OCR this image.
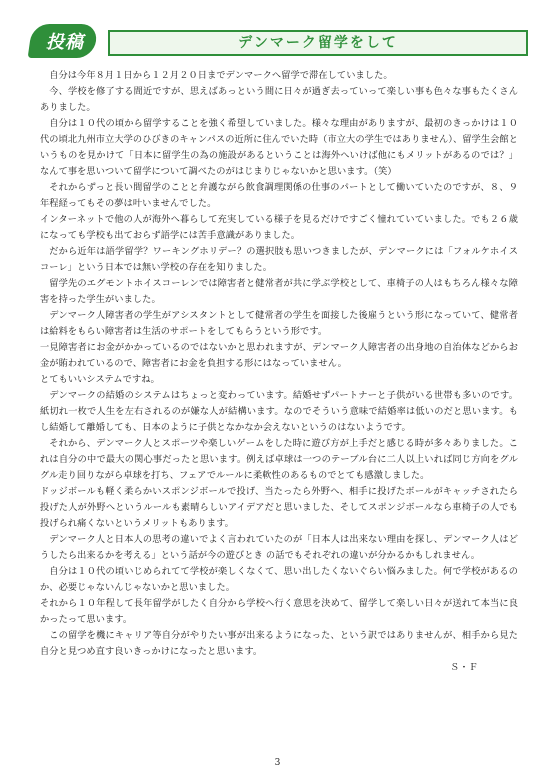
投稿	デンマーク留学をして

自分は今年８月１日から１２月２０日までデンマークへ留学で滞在していました。

今、学校を修了する間近ですが、思えばあっという間に日々が過ぎ去っていって楽しい事も色々な事もたくさんありました。

自分は１０代の頃から留学することを強く希望していました。様々な理由がありますが、最初のきっかけは１０代の頃北九州市立大学のひびきのキャンパスの近所に住んでいた時（市立大の学生ではありません）、留学生会館というものを見かけて「日本に留学生の為の施設があるということは海外へいけば他にもメリットがあるのでは？」なんて事を思いついて留学について調べたのがはじまりじゃないかと思います。（笑）

それからずっと長い間留学のことと弁護ながら飲食調理関係の仕事のパートとして働いていたのですが、８、９年程経ってもその夢は叶いませんでした。

インターネットで他の人が海外へ暮らして充実している様子を見るだけですごく憧れていていました。でも２６歳になっても学校も出ておらず語学には苦手意識がありました。

だから近年は語学留学？ワーキングホリデー？の選択肢も思いつきましたが、デンマークには「フォルケホイスコーレ」という日本では無い学校の存在を知りました。

留学先のエグモントホイスコーレンでは障害者と健常者が共に学ぶ学校として、車椅子の人はもちろん様々な障害を持った学生がいました。

デンマーク人障害者の学生がアシスタントとして健常者の学生を面接した後雇うという形になっていて、健常者は給料をもらい障害者は生活のサポートをしてもらうという形です。

一見障害者にお金がかかっているのではないかと思われますが、デンマーク人障害者の出身地の自治体などからお金が賄われているので、障害者にお金を負担する形にはなっていません。

とてもいいシステムですね。

デンマークの結婚のシステムはちょっと変わっています。結婚せずパートナーと子供がいる世帯も多いのです。紙切れ一枚で人生を左右されるのが嫌な人が結構います。なのでそういう意味で結婚率は低いのだと思います。もし結婚して離婚しても、日本のように子供となかなか会えないというのはないようです。

それから、デンマーク人とスポーツや楽しいゲームをした時に遊び方が上手だと感じる時が多々ありました。これは自分の中で最大の関心事だったと思います。例えば卓球は一つのテーブル台に二人以上いれば同じ方向をグルグル走り回りながら卓球を打ち、フェアでルールに柔軟性のあるものでとても感激しました。

ドッジボールも軽く柔らかいスポンジボールで投げ、当たったら外野へ、相手に投げたボールがキャッチされたら投げた人が外野へというルールも素晴らしいアイデアだと思いました、そしてスポンジボールなら車椅子の人でも投げられ痛くないというメリットもあります。

デンマーク人と日本人の思考の違いでよく言われていたのが「日本人は出来ない理由を探し、デンマーク人はどうしたら出来るかを考える」という話が今の遊びとき の話でもそれぞれの違いが分かるかもしれません。

自分は１０代の頃いじめられてて学校が楽しくなくて、思い出したくないぐらい悩みました。何で学校があるのか、必要じゃないんじゃないかと思いました。

それから１０年程して長年留学がしたく自分から学校へ行く意思を決めて、留学して楽しい日々が送れて本当に良かったって思います。

この留学を機にキャリア等自分がやりたい事が出来るようになった、という訳ではありませんが、相手から見た自分と見つめ直す良いきっかけになったと思います。

Ｓ・Ｆ
3
